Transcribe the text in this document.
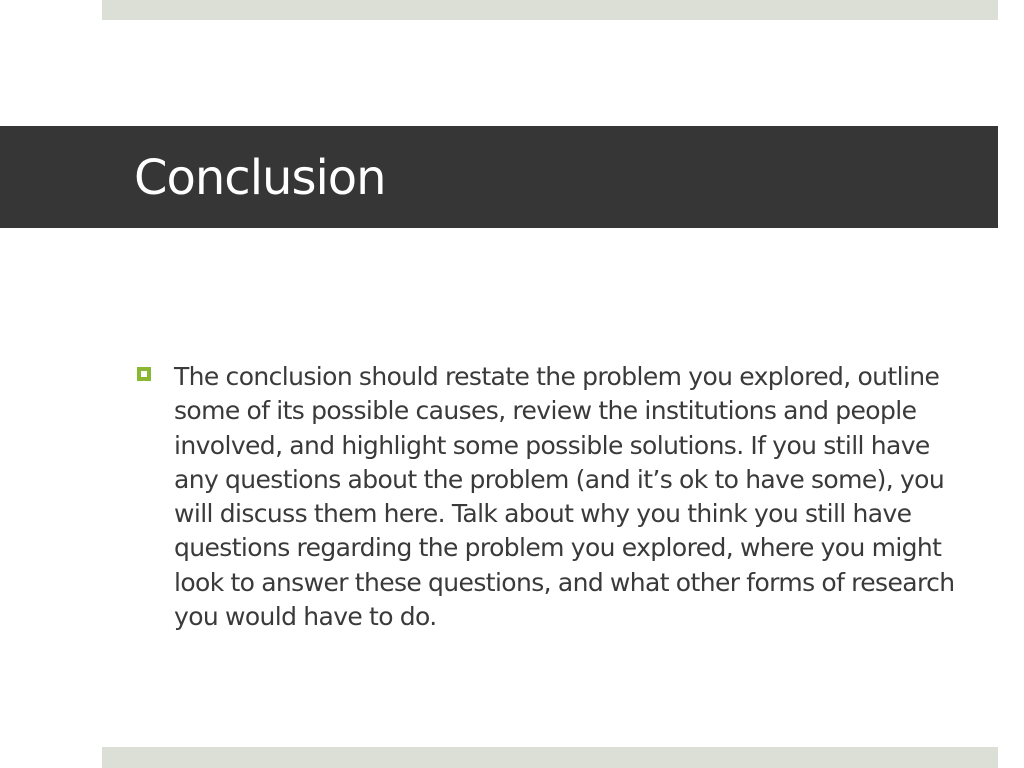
Conclusion

The conclusion should restate the problem you explored, outline some of its possible causes, review the institutions and people involved, and highlight some possible solutions. If you still have any questions about the problem (and it’s ok to have some), you will discuss them here. Talk about why you think you still have questions regarding the problem you explored, where you might look to answer these questions, and what other forms of research you would have to do.
